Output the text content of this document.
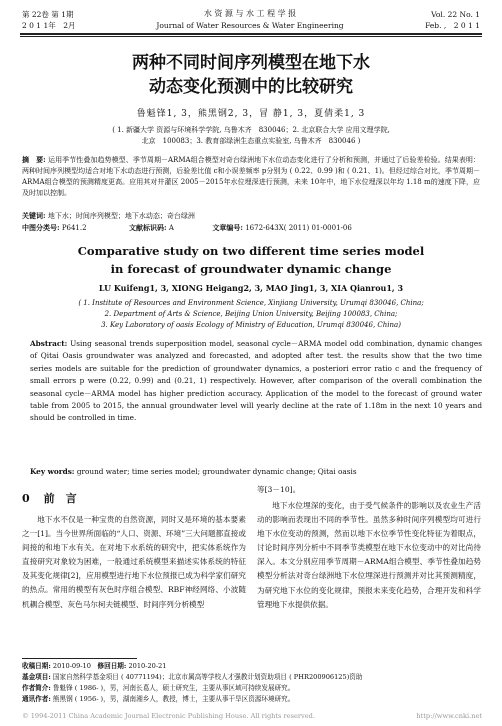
第 22卷 第 1期
2 0 1 1年　2月
水 资 源 与 水 工 程 学 报
Journal of Water Resources & Water Engineering
Vol. 22 No. 1
Feb. ,　2 0 1 1
两种不同时间序列模型在地下水
动态变化预测中的比较研究
鲁魁锋1, 3，熊黑钢2, 3，冒 静1, 3，夏倩柔1, 3
( 1. 新疆大学 资源与环境科学学院, 乌鲁木齐　830046；2. 北京联合大学 应用文理学院,
北京　100083；3. 教育部绿洲生态重点实验室, 乌鲁木齐　830046 )
摘　要: 运用季节性叠加趋势模型、季节周期－ARMA组合模型对奇台绿洲地下水位动态变化进行了分析和预测，并通过了后验差检验。结果表明：两种时间序列模型均适合对地下水动态进行预测，后验差比值 c和小误差频率 p分别为 ( 0.22、0.99 )和 ( 0.21、1)。但经过综合对比，季节周期－ARMA组合模型的预测精度更高。应用其对井灌区 2005－2015年水位埋深进行预测，未来 10年中，地下水位埋深以年均 1.18 m的速度下降，应及时加以控制。
关键词: 地下水；时间序列模型；地下水动态；奇台绿洲
中图分类号: P641.2	文献标识码: A	文章编号: 1672-643X( 2011) 01-0001-06
Comparative study on two different time series model
in forecast of groundwater dynamic change
LU Kuifeng1, 3, XIONG Heigang2, 3, MAO Jing1, 3, XIA Qianrou1, 3
( 1. Institute of Resources and Environment Science, Xinjiang University, Urumqi 830046, China;
2. Department of Arts & Science, Beijing Union University, Beijing 100083, China;
3. Key Laboratory of oasis Ecology of Ministry of Education, Urumqi 830046, China)
Abstract: Using seasonal trends superposition model, seasonal cycle－ARMA model odd combination, dynamic changes of Qitai Oasis groundwater was analyzed and forecasted, and adopted after test. the results show that the two time series models are suitable for the prediction of groundwater dynamics, a posteriori error ratio c and the frequency of small errors p were (0.22, 0.99) and (0.21, 1) respectively. However, after comparison of the overall combination the seasonal cycle－ARMA model has higher prediction accuracy. Application of the model to the forecast of ground water table from 2005 to 2015, the annual groundwater level will yearly decline at the rate of 1.18m in the next 10 years and should be controlled in time.
Key words: ground water; time series model; groundwater dynamic change; Qitai oasis
0 前　言
地下水不仅是一种宝贵的自然资源，同时又是环境的基本要素之一[1]。当今世界所面临的“人口、资源、环境”三大问题都直接或间接的和地下水有关。在对地下水系统的研究中，把实体系统作为直接研究对象较为困难，一般通过系统模型来描述实体系统的特征及其变化规律[2]，应用模型进行地下水位预报已成为科学家们研究的热点。常用的模型有灰色时序组合模型、RBF神经网络、小波随机耦合模型、灰色马尔柯夫链模型、时间序列分析模型
等[3－10]。
地下水位埋深的变化，由于受气候条件的影响以及农业生产活动的影响而表现出不同的季节性。虽然多种时间序列模型均可进行地下水位变动的预测，然而以地下水位季节性变化特征为着眼点，讨论时间序列分析中不同季节类模型在地下水位变动中的对比尚待深入。本文分别应用季节周期－ARMA组合模型、季节性叠加趋势模型分析法对奇台绿洲地下水位埋深进行预测并对比其预测精度，为研究地下水位的变化规律，预报未来变化趋势，合理开发和科学管理地下水提供依据。
收稿日期: 2010-09-10　修回日期: 2010-20-21
基金项目: 国家自然科学基金项目 ( 40771194)；北京市属高等学校人才强教计划资助项目 ( PHR200906125)资助
作者简介: 鲁魁锋 ( 1986- )，男，河南长葛人，硕士研究生，主要从事区域可持续发展研究。
通讯作者: 熊黑钢 ( 1956- )，男，湖南湘乡人，教授，博士，主要从事干旱区资源环境研究。
© 1994-2011 China Academic Journal Electronic Publishing House. All rights reserved.	http://www.cnki.net
